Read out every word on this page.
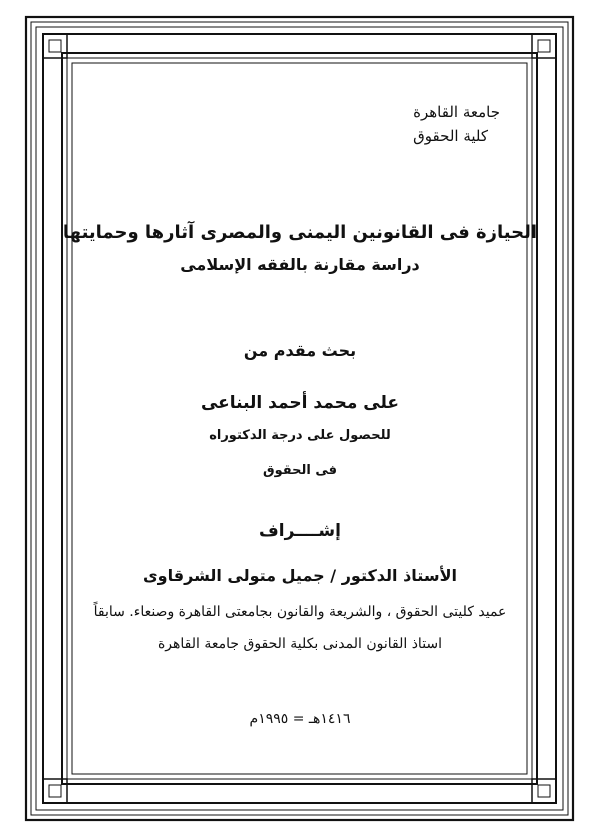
جامعة القاهرة
كلية الحقوق
الحيازة فى القانونين اليمنى والمصرى آثارها وحمايتها
دراسة مقارنة بالفقه الإسلامى
بحث مقدم من
على محمد أحمد البناعى
للحصول على درجة الدكتوراه
فى الحقوق
إشــــراف
الأستاذ الدكتور / جميل متولى الشرقاوى
عميد كليتى الحقوق ، والشريعة والقانون بجامعتى القاهرة وصنعاء. سابقاً
استاذ القانون المدنى بكلية الحقوق جامعة القاهرة
١٤١٦هـ = ١٩٩٥م
